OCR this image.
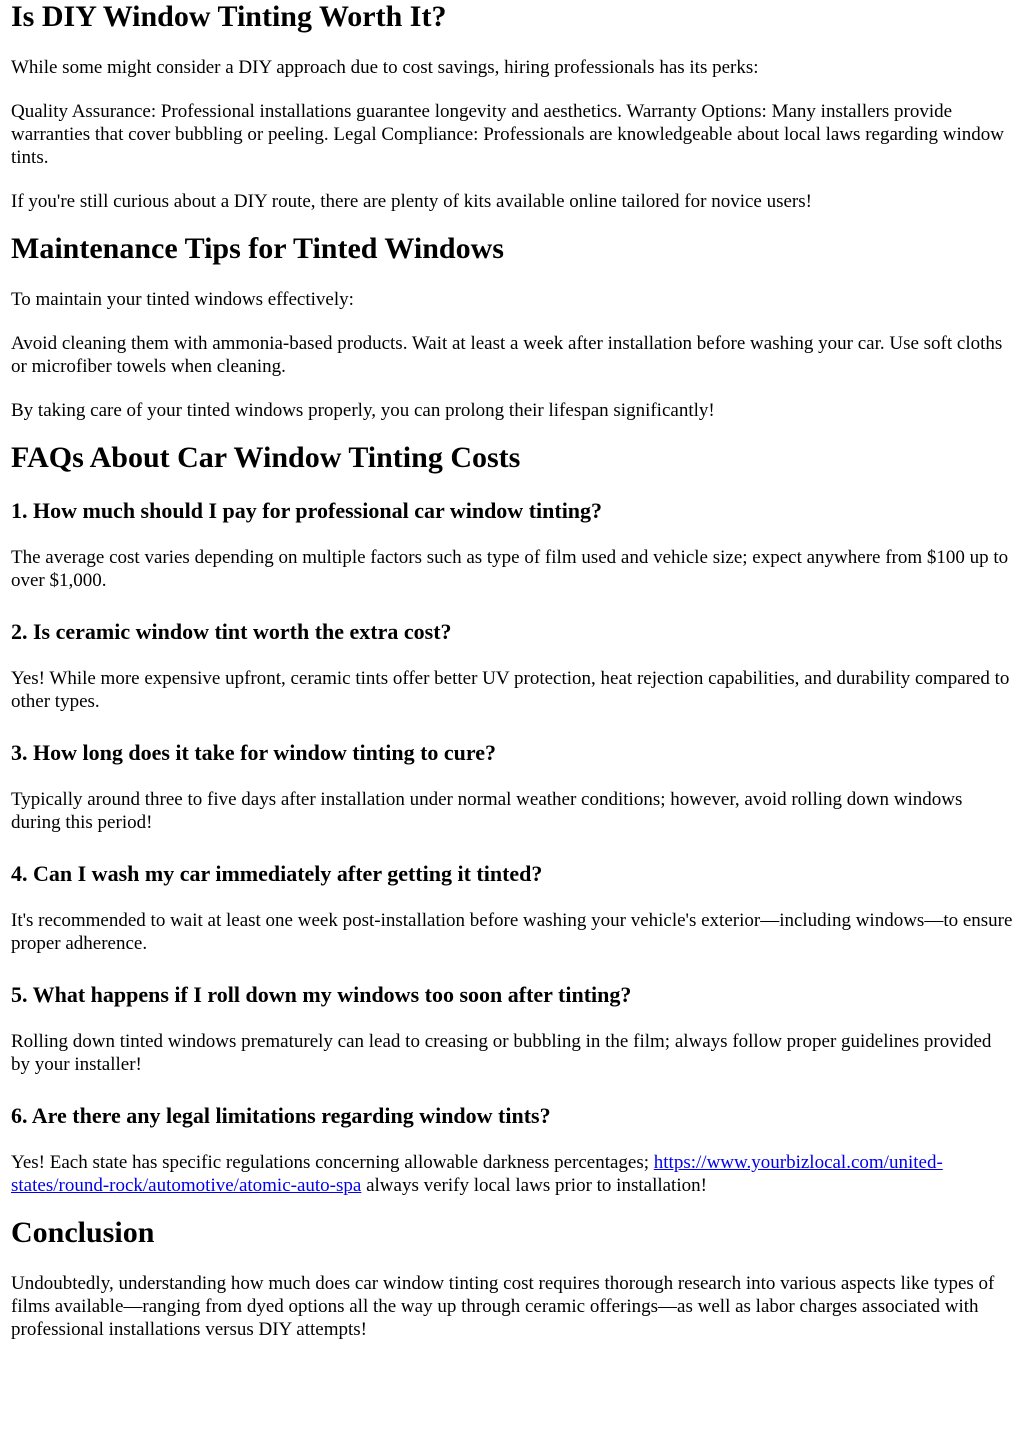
Is DIY Window Tinting Worth It?

While some might consider a DIY approach due to cost savings, hiring professionals has its perks:

Quality Assurance: Professional installations guarantee longevity and aesthetics. Warranty Options: Many installers provide warranties that cover bubbling or peeling. Legal Compliance: Professionals are knowledgeable about local laws regarding window tints.

If you're still curious about a DIY route, there are plenty of kits available online tailored for novice users!

Maintenance Tips for Tinted Windows

To maintain your tinted windows effectively:

Avoid cleaning them with ammonia-based products. Wait at least a week after installation before washing your car. Use soft cloths or microfiber towels when cleaning.

By taking care of your tinted windows properly, you can prolong their lifespan significantly!

FAQs About Car Window Tinting Costs
1. How much should I pay for professional car window tinting?

The average cost varies depending on multiple factors such as type of film used and vehicle size; expect anywhere from $100 up to over $1,000.

2. Is ceramic window tint worth the extra cost?

Yes! While more expensive upfront, ceramic tints offer better UV protection, heat rejection capabilities, and durability compared to other types.

3. How long does it take for window tinting to cure?

Typically around three to five days after installation under normal weather conditions; however, avoid rolling down windows during this period!

4. Can I wash my car immediately after getting it tinted?

It's recommended to wait at least one week post-installation before washing your vehicle's exterior—including windows—to ensure proper adherence.

5. What happens if I roll down my windows too soon after tinting?

Rolling down tinted windows prematurely can lead to creasing or bubbling in the film; always follow proper guidelines provided by your installer!

6. Are there any legal limitations regarding window tints?

Yes! Each state has specific regulations concerning allowable darkness percentages; https://www.yourbizlocal.com/united-states/round-rock/automotive/atomic-auto-spa always verify local laws prior to installation!

Conclusion

Undoubtedly, understanding how much does car window tinting cost requires thorough research into various aspects like types of films available—ranging from dyed options all the way up through ceramic offerings—as well as labor charges associated with professional installations versus DIY attempts!
